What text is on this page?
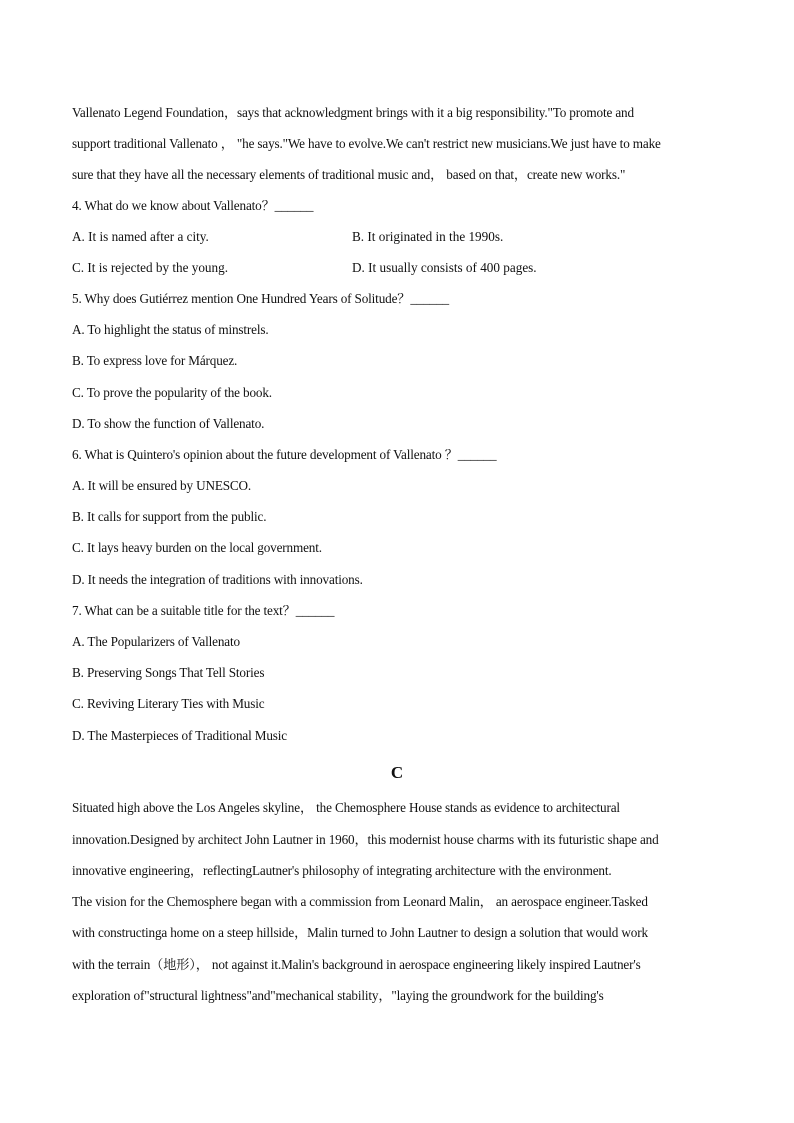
Vallenato Legend Foundation，says that acknowledgment brings with it a big responsibility."To promote and
support traditional Vallenato ， "he says."We have to evolve.We can't restrict new musicians.We just have to make
sure that they have all the necessary elements of traditional music and， based on that，create new works."
4. What do we know about Vallenato？______
A. It is named after a city.	B. It originated in the 1990s.
C. It is rejected by the young.	D. It usually consists of 400 pages.
5. Why does Gutiérrez mention One Hundred Years of Solitude？______
A. To highlight the status of minstrels.
B. To express love for Márquez.
C. To prove the popularity of the book.
D. To show the function of Vallenato.
6. What is Quintero's opinion about the future development of Vallenato ？______
A. It will be ensured by UNESCO.
B. It calls for support from the public.
C. It lays heavy burden on the local government.
D. It needs the integration of traditions with innovations.
7. What can be a suitable title for the text？______
A. The Popularizers of Vallenato
B. Preserving Songs That Tell Stories
C. Reviving Literary Ties with Music
D. The Masterpieces of Traditional Music
C
Situated high above the Los Angeles skyline， the Chemosphere House stands as evidence to architectural
innovation.Designed by architect John Lautner in 1960，this modernist house charms with its futuristic shape and
innovative engineering，reflectingLautner's philosophy of integrating architecture with the environment.
The vision for the Chemosphere began with a commission from Leonard Malin， an aerospace engineer.Tasked
with constructinga home on a steep hillside，Malin turned to John Lautner to design a solution that would work
with the terrain（地形）， not against it.Malin's background in aerospace engineering likely inspired Lautner's
exploration of"structural lightness"and"mechanical stability，"laying the groundwork for the building's
